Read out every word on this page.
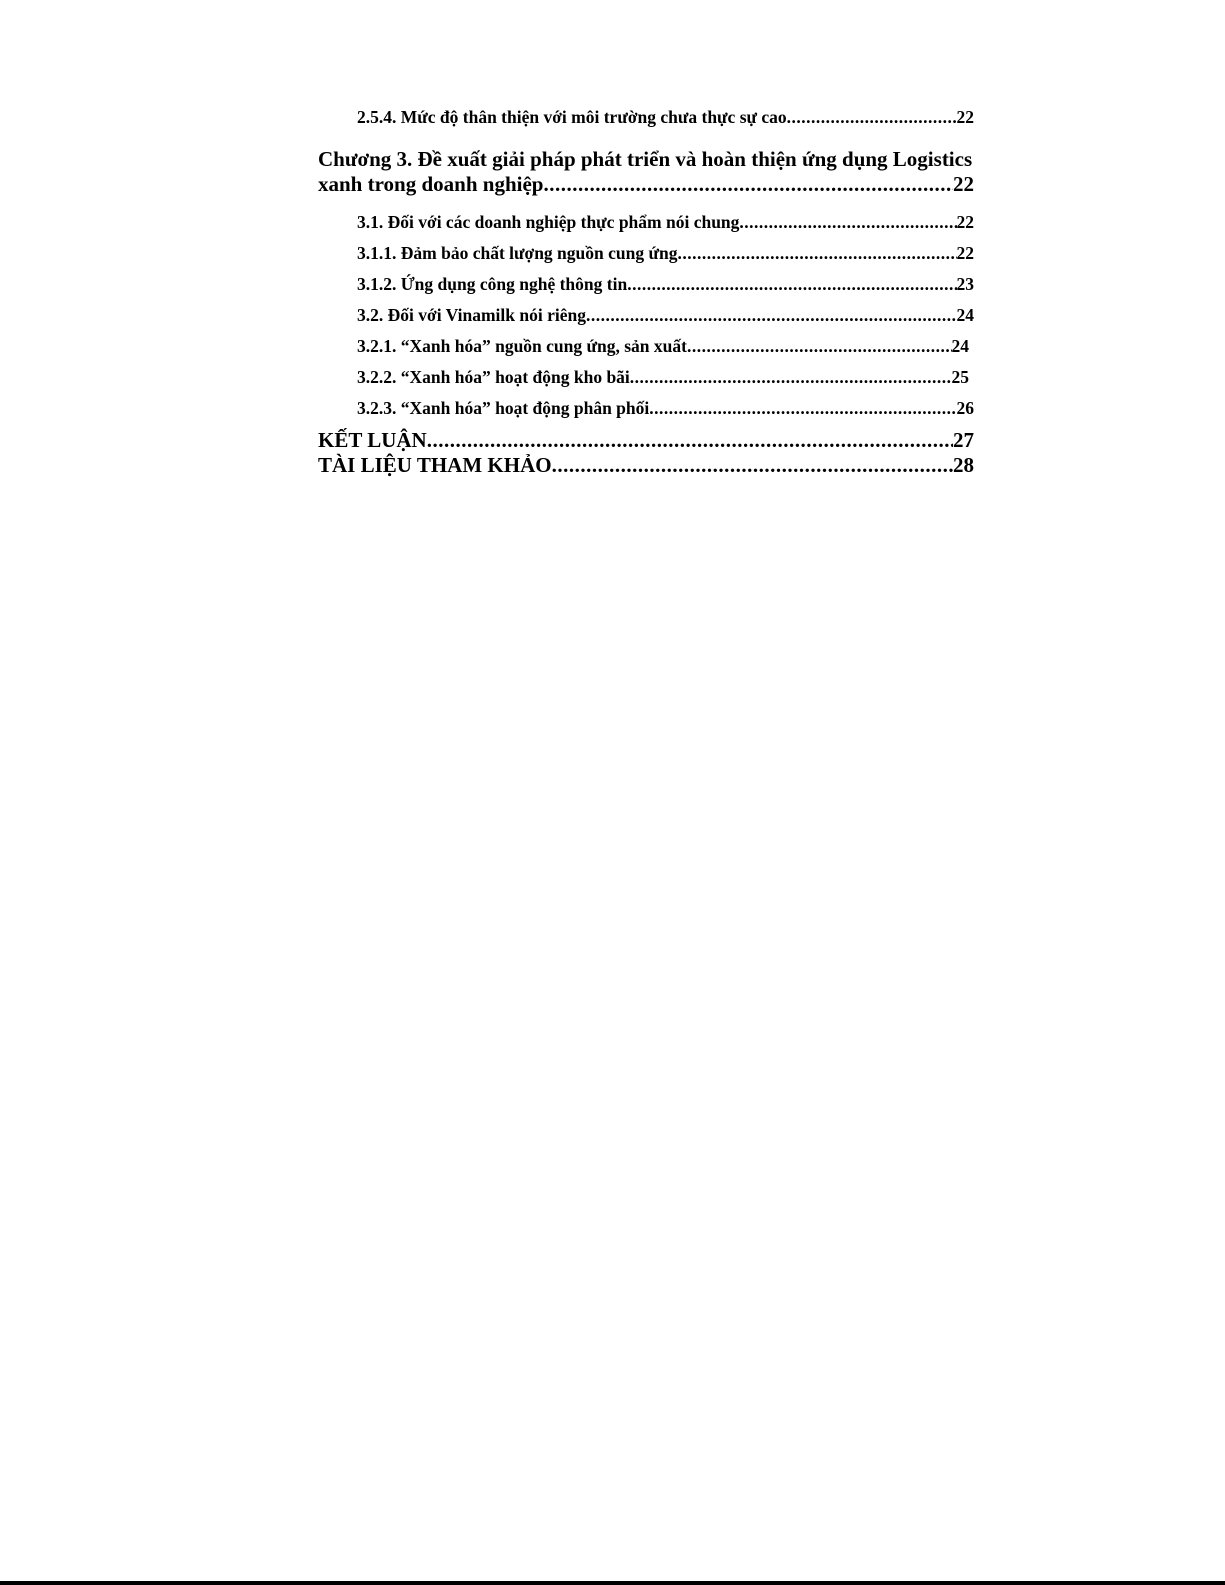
2.5.4. Mức độ thân thiện với môi trường chưa thực sự cao .....	22
Chương 3. Đề xuất giải pháp phát triển và hoàn thiện ứng dụng Logistics
xanh trong doanh nghiệp .....	22
3.1. Đối với các doanh nghiệp thực phẩm nói chung .....	22
3.1.1. Đảm bảo chất lượng nguồn cung ứng .....	22
3.1.2. Ứng dụng công nghệ thông tin .....	23
3.2. Đối với Vinamilk nói riêng .....	24
3.2.1. “Xanh hóa” nguồn cung ứng, sản xuất .....	24
3.2.2. “Xanh hóa” hoạt động kho bãi .....	25
3.2.3. “Xanh hóa” hoạt động phân phối .....	26
KẾT LUẬN .....	27
TÀI LIỆU THAM KHẢO .....	28
